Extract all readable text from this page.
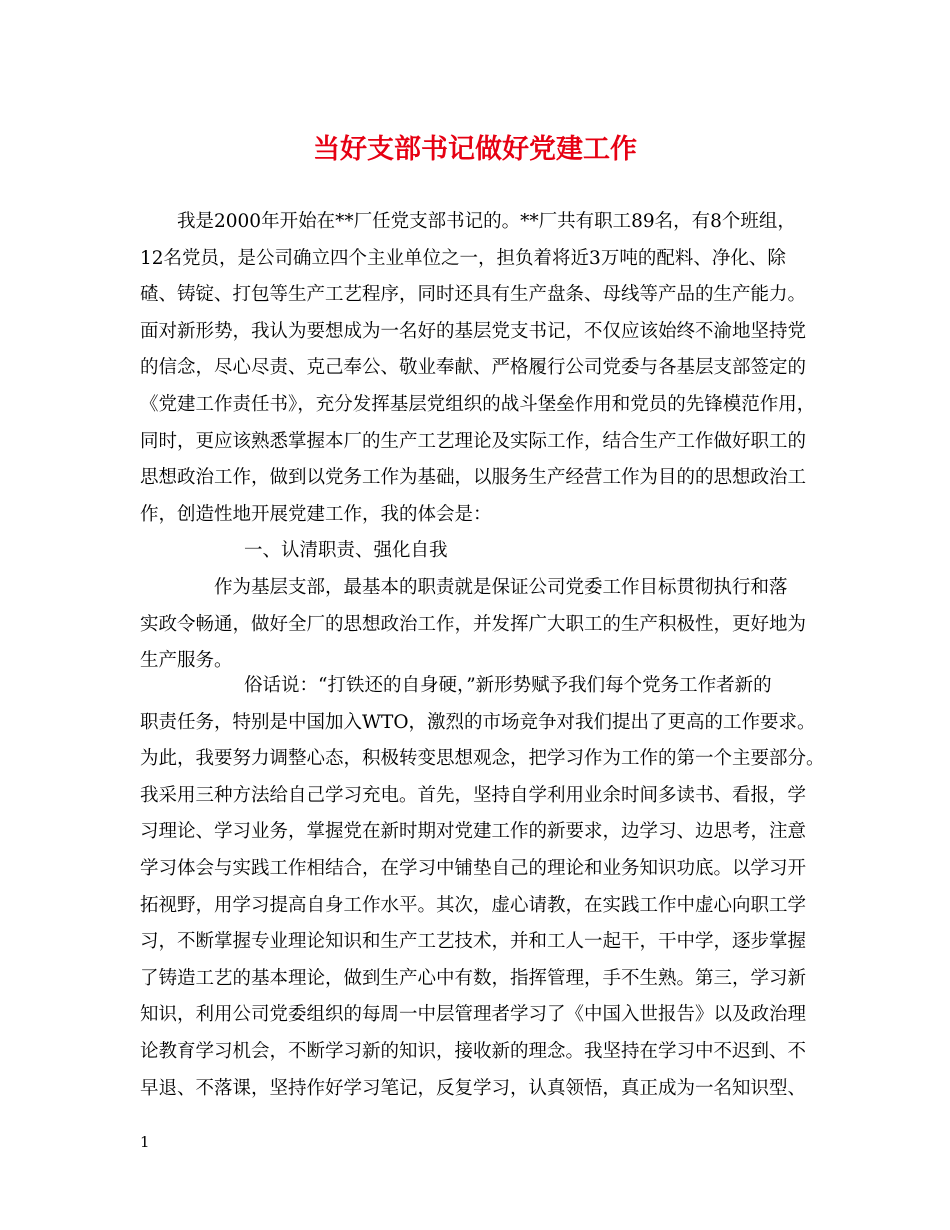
当好支部书记做好党建工作

我是2000年开始在**厂任党支部书记的。**厂共有职工89名，有8个班组，
12名党员，是公司确立四个主业单位之一，担负着将近3万吨的配料、净化、除
碴、铸锭、打包等生产工艺程序，同时还具有生产盘条、母线等产品的生产能力。
面对新形势，我认为要想成为一名好的基层党支书记，不仅应该始终不渝地坚持党
的信念，尽心尽责、克己奉公、敬业奉献、严格履行公司党委与各基层支部签定的
《党建工作责任书》，充分发挥基层党组织的战斗堡垒作用和党员的先锋模范作用，
同时，更应该熟悉掌握本厂的生产工艺理论及实际工作，结合生产工作做好职工的
思想政治工作，做到以党务工作为基础，以服务生产经营工作为目的的思想政治工
作，创造性地开展党建工作，我的体会是：

一、认清职责、强化自我

作为基层支部，最基本的职责就是保证公司党委工作目标贯彻执行和落
实政令畅通，做好全厂的思想政治工作，并发挥广大职工的生产积极性，更好地为
生产服务。

俗话说：“打铁还的自身硬，”新形势赋予我们每个党务工作者新的
职责任务，特别是中国加入WTO，激烈的市场竞争对我们提出了更高的工作要求。
为此，我要努力调整心态，积极转变思想观念，把学习作为工作的第一个主要部分。
我采用三种方法给自己学习充电。首先，坚持自学利用业余时间多读书、看报，学
习理论、学习业务，掌握党在新时期对党建工作的新要求，边学习、边思考，注意
学习体会与实践工作相结合，在学习中铺垫自己的理论和业务知识功底。以学习开
拓视野，用学习提高自身工作水平。其次，虚心请教，在实践工作中虚心向职工学
习，不断掌握专业理论知识和生产工艺技术，并和工人一起干，干中学，逐步掌握
了铸造工艺的基本理论，做到生产心中有数，指挥管理，手不生熟。第三，学习新
知识，利用公司党委组织的每周一中层管理者学习了《中国入世报告》以及政治理
论教育学习机会，不断学习新的知识，接收新的理念。我坚持在学习中不迟到、不
早退、不落课，坚持作好学习笔记，反复学习，认真领悟，真正成为一名知识型、

1
